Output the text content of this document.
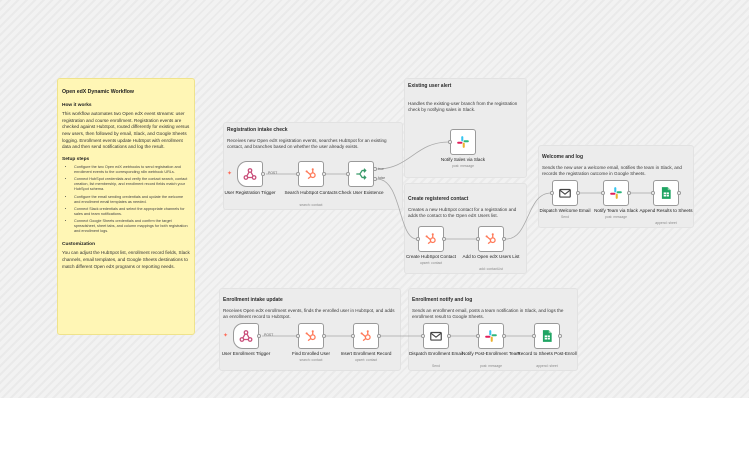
Open edX Dynamic Workflow
How it works

This workflow automates two Open edX event streams: user registration and course enrollment. Registration events are checked against HubSpot, routed differently for existing versus new users, then followed by email, Slack, and Google Sheets logging. Enrollment events update HubSpot with enrollment data and then send notifications and log the result.

Setup steps
• Configure the two Open edX webhooks to send registration and enrollment events to the corresponding n8n webhook URLs.
• Connect HubSpot credentials and verify the contact search, contact creation, list membership, and enrollment record fields match your HubSpot schema.
• Configure the email sending credentials and update the welcome and enrollment email templates as needed.
• Connect Slack credentials and select the appropriate channels for sales and team notifications.
• Connect Google Sheets credentials and confirm the target spreadsheet, sheet tabs, and column mappings for both registration and enrollment logs.
Customization

You can adjust the HubSpot list, enrollment record fields, Slack channels, email templates, and Google Sheets destinations to match different Open edX programs or reporting needs.

Registration intake check
Receives new Open edX registration events, searches HubSpot for an existing contact, and branches based on whether the user already exists.
Existing user alert
Handles the existing-user branch from the registration check by notifying sales in Slack.
Create registered contact
Creates a new HubSpot contact for a registration and adds the contact to the Open edX Users list.
Welcome and log
Sends the new user a welcome email, notifies the team in Slack, and records the registration outcome in Google Sheets.
Enrollment intake update
Receives Open edX enrollment events, finds the enrolled user in HubSpot, and adds an enrollment record to HubSpot.
Enrollment notify and log
Sends an enrollment email, posts a team notification in Slack, and logs the enrollment result to Google Sheets.
POST
true
false
POST
✦
User Registration Trigger	Search HubSpot Contacts
search: contact
Check User Existence
Notify Sales via Slack
post: message
Create HubSpot Contact
upsert: contact
Add to Open edX Users List
add: contactList
Dispatch Welcome Email
Send
Notify Team via Slack
post: message
Append Results to Sheets
append: sheet
✦
User Enrollment Trigger	Find Enrolled User
search: contact
Insert Enrollment Record
upsert: contact
Dispatch Enrollment Email
Send
Notify Post-Enrollment Team
post: message
Record to Sheets Post-Enroll
append: sheet
